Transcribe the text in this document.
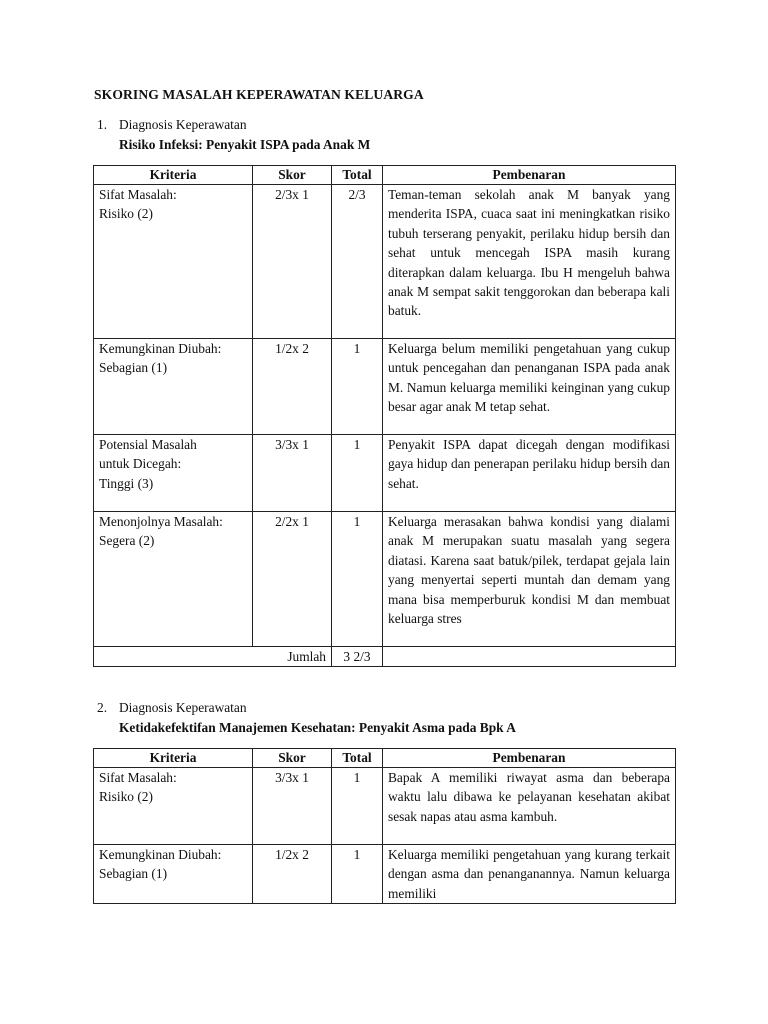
SKORING MASALAH KEPERAWATAN KELUARGA
1. Diagnosis Keperawatan
Risiko Infeksi: Penyakit ISPA pada Anak M
Kriteria	Skor	Total	Pembenaran

Sifat Masalah:
Risiko (2)	2/3x 1	2/3	Teman-teman sekolah anak M banyak yang menderita ISPA, cuaca saat ini meningkatkan risiko tubuh terserang penyakit, perilaku hidup bersih dan sehat untuk mencegah ISPA masih kurang diterapkan dalam keluarga. Ibu H mengeluh bahwa anak M sempat sakit tenggorokan dan beberapa kali batuk.

Kemungkinan Diubah:
Sebagian (1)	1/2x 2	1	Keluarga belum memiliki pengetahuan yang cukup untuk pencegahan dan penanganan ISPA pada anak M. Namun keluarga memiliki keinginan yang cukup besar agar anak M tetap sehat.

Potensial Masalah
untuk Dicegah:
Tinggi (3)	3/3x 1	1	Penyakit ISPA dapat dicegah dengan modifikasi gaya hidup dan penerapan perilaku hidup bersih dan sehat.

Menonjolnya Masalah:
Segera (2)	2/2x 1	1	Keluarga merasakan bahwa kondisi yang dialami anak M merupakan suatu masalah yang segera diatasi. Karena saat batuk/pilek, terdapat gejala lain yang menyertai seperti muntah dan demam yang mana bisa memperburuk kondisi M dan membuat keluarga stres
Jumlah		3 2/3	
2. Diagnosis Keperawatan
Ketidakefektifan Manajemen Kesehatan: Penyakit Asma pada Bpk A
Kriteria	Skor	Total	Pembenaran

Sifat Masalah:
Risiko (2)	3/3x 1	1	Bapak A memiliki riwayat asma dan beberapa waktu lalu dibawa ke pelayanan kesehatan akibat sesak napas atau asma kambuh.

Kemungkinan Diubah:
Sebagian (1)	1/2x 2	1	Keluarga memiliki pengetahuan yang kurang terkait dengan asma dan penanganannya. Namun keluarga memiliki
